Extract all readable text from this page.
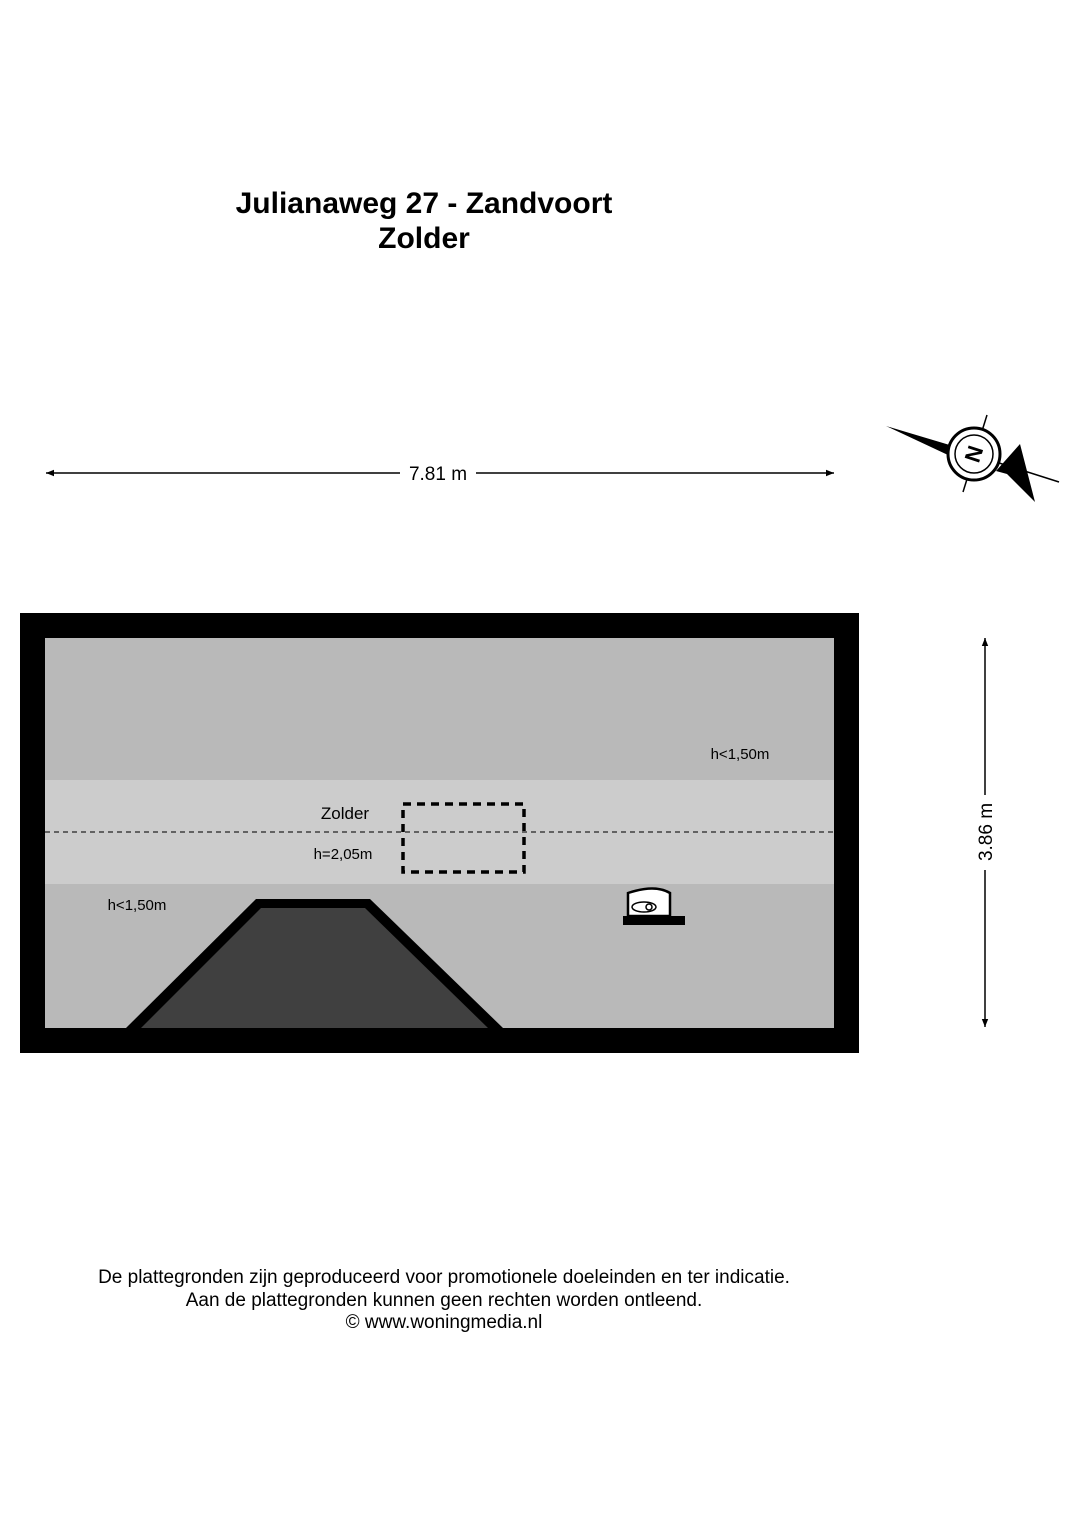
Julianaweg 27 - Zandvoort
Zolder
7.81 m
3.86 m
N
Zolder
h=2,05m
h<1,50m
h<1,50m
De plattegronden zijn geproduceerd voor promotionele doeleinden en ter indicatie.
Aan de plattegronden kunnen geen rechten worden ontleend.
© www.woningmedia.nl
